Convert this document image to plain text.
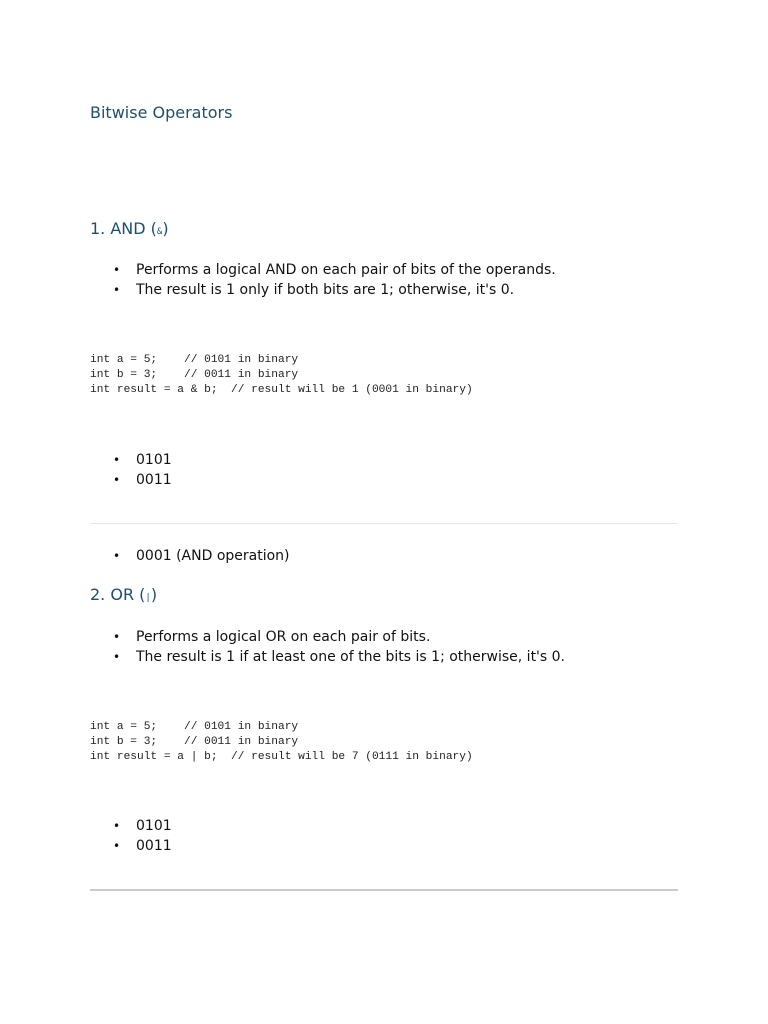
Bitwise Operators
1. AND (&)
• Performs a logical AND on each pair of bits of the operands.
• The result is 1 only if both bits are 1; otherwise, it's 0.
int a = 5;    // 0101 in binary
int b = 3;    // 0011 in binary
int result = a & b;  // result will be 1 (0001 in binary)
• 0101
• 0011
• 0001 (AND operation)
2. OR (|)
• Performs a logical OR on each pair of bits.
• The result is 1 if at least one of the bits is 1; otherwise, it's 0.
int a = 5;    // 0101 in binary
int b = 3;    // 0011 in binary
int result = a | b;  // result will be 7 (0111 in binary)
• 0101
• 0011
